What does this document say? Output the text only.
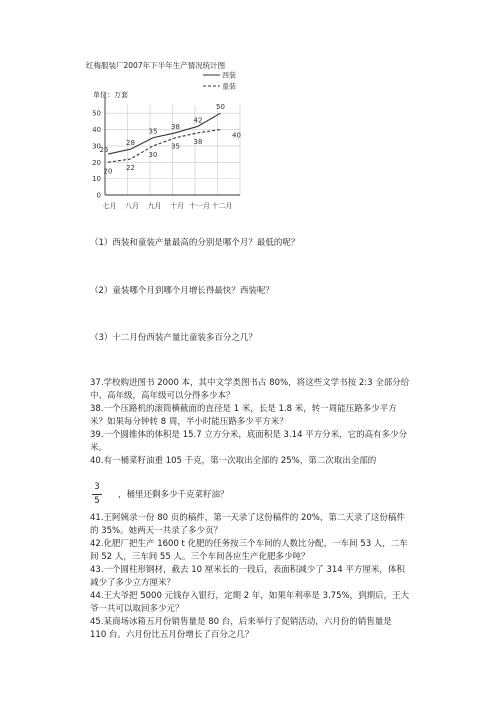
红梅服装厂2007年下半年生产情况统计图
单位：万套
0
10
20
30
40
50
七月 八月 九月 十月 十一月 十二月
25
28
35
38
42
50
20 22
30
35
38
40
西装
童装
（1）西装和童装产量最高的分别是哪个月？最低的呢？
（2）童装哪个月到哪个月增长得最快？西装呢？
（3）十二月份西装产量比童装多百分之几？
37.学校购进图书 2000 本，其中文学类图书占 80%，将这些文学书按 2:3 全部分给中、高年级，高年级可以分得多少本？
38.一个压路机的滚筒横截面的直径是 1 米，长是 1.8 米，转一周能压路多少平方米？如果每分钟转 8 周，半小时能压路多少平方米？
39.一个圆锥体的体积是 15.7 立方分米，底面积是 3.14 平方分米，它的高有多少分米。
40.有一桶菜籽油重 105 千克，第一次取出全部的 25%，第二次取出全部的
3
5
，桶里还剩多少千克菜籽油？
41.王阿姨录一份 80 页的稿件，第一天录了这份稿件的 20%，第二天录了这份稿件的 35%。她两天一共录了多少页？
42.化肥厂把生产 1600 t 化肥的任务按三个车间的人数比分配，一车间 53 人，二车间 52 人，三车间 55 人。三个车间各应生产化肥多少吨？
43.一个圆柱形钢材，截去 10 厘米长的一段后，表面积减少了 314 平方厘米，体积减少了多少立方厘米？
44.王大爷把 5000 元钱存入银行，定期 2 年，如果年利率是 3.75%，到期后，王大爷一共可以取回多少元？
45.某商场冰箱五月份销售量是 80 台，后来举行了促销活动，六月份的销售量是 110 台。六月份比五月份增长了百分之几？
